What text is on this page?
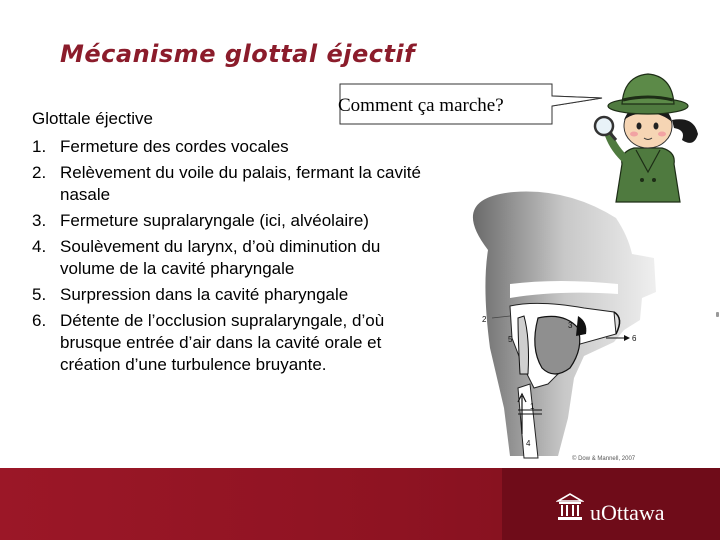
Mécanisme glottal éjectif
Comment ça marche?
Glottale éjective
1. Fermeture des cordes vocales
2. Relèvement du voile du palais, fermant la cavité nasale
3. Fermeture supralaryngale (ici, alvéolaire)
4. Soulèvement du larynx, d’où diminution du volume de la cavité pharyngale
5. Surpression dans la cavité pharyngale
6. Détente de l’occlusion supralaryngale, d’où brusque entrée d’air dans la cavité orale et création d’une turbulence bruyante.
1
2
3
4
5	6
© Dow & Mannell, 2007
uOttawa
